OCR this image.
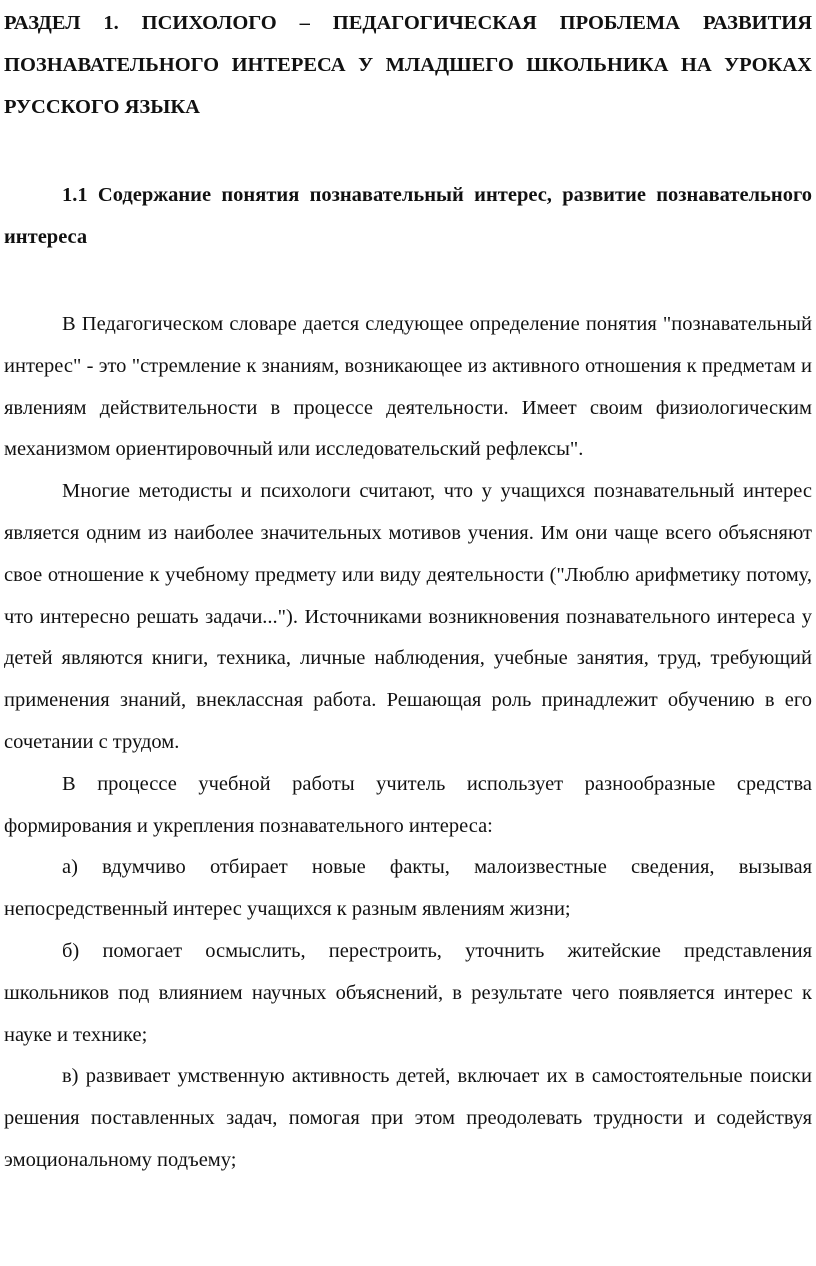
РАЗДЕЛ 1. ПСИХОЛОГО – ПЕДАГОГИЧЕСКАЯ ПРОБЛЕМА РАЗВИТИЯ ПОЗНАВАТЕЛЬНОГО ИНТЕРЕСА У МЛАДШЕГО ШКОЛЬНИКА НА УРОКАХ РУССКОГО ЯЗЫКА
1.1 Содержание понятия познавательный интерес, развитие познавательного интереса

В Педагогическом словаре дается следующее определение понятия "познавательный интерес" - это "стремление к знаниям, возникающее из активного отношения к предметам и явлениям действительности в процессе деятельности. Имеет своим физиологическим механизмом ориентировочный или исследовательский рефлексы".

Многие методисты и психологи считают, что у учащихся познавательный интерес является одним из наиболее значительных мотивов учения. Им они чаще всего объясняют свое отношение к учебному предмету или виду деятельности ("Люблю арифметику потому, что интересно решать задачи..."). Источниками возникновения познавательного интереса у детей являются книги, техника, личные наблюдения, учебные занятия, труд, требующий применения знаний, внеклассная работа. Решающая роль принадлежит обучению в его сочетании с трудом.

В процессе учебной работы учитель использует разнообразные средства формирования и укрепления познавательного интереса:

а) вдумчиво отбирает новые факты, малоизвестные сведения, вызывая непосредственный интерес учащихся к разным явлениям жизни;

б) помогает осмыслить, перестроить, уточнить житейские представления школьников под влиянием научных объяснений, в результате чего появляется интерес к науке и технике;

в) развивает умственную активность детей, включает их в самостоятельные поиски решения поставленных задач, помогая при этом преодолевать трудности и содействуя эмоциональному подъему;
